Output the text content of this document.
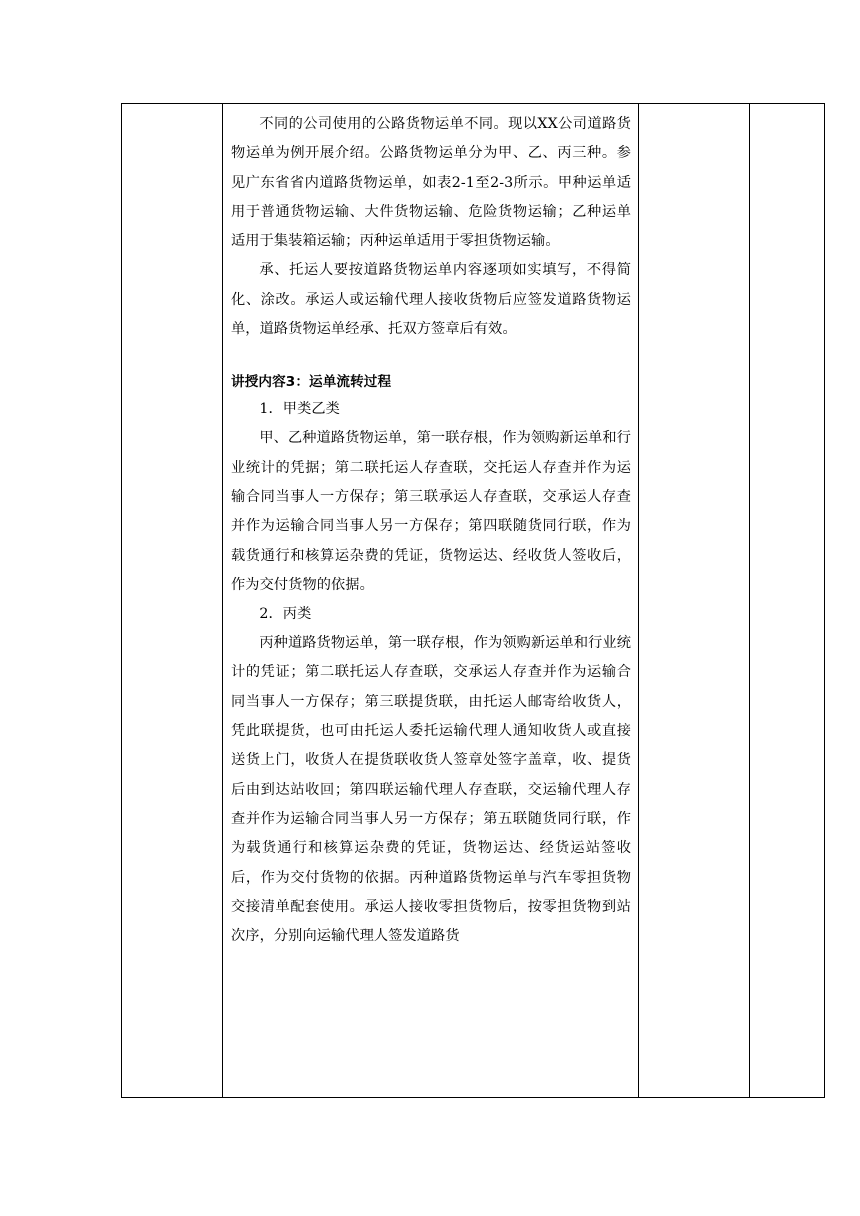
不同的公司使用的公路货物运单不同。现以XX公司道路货物运单为例开展介绍。公路货物运单分为甲、乙、丙三种。参见广东省省内道路货物运单，如表2-1至2-3所示。甲种运单适用于普通货物运输、大件货物运输、危险货物运输；乙种运单适用于集装箱运输；丙种运单适用于零担货物运输。

承、托运人要按道路货物运单内容逐项如实填写，不得简化、涂改。承运人或运输代理人接收货物后应签发道路货物运单，道路货物运单经承、托双方签章后有效。

讲授内容3：运单流转过程
1．甲类乙类

甲、乙种道路货物运单，第一联存根，作为领购新运单和行业统计的凭据；第二联托运人存查联，交托运人存查并作为运输合同当事人一方保存；第三联承运人存查联，交承运人存查并作为运输合同当事人另一方保存；第四联随货同行联，作为载货通行和核算运杂费的凭证，货物运达、经收货人签收后，作为交付货物的依据。

2．丙类

丙种道路货物运单，第一联存根，作为领购新运单和行业统计的凭证；第二联托运人存查联，交承运人存查并作为运输合同当事人一方保存；第三联提货联，由托运人邮寄给收货人，凭此联提货，也可由托运人委托运输代理人通知收货人或直接送货上门，收货人在提货联收货人签章处签字盖章，收、提货后由到达站收回；第四联运输代理人存查联，交运输代理人存查并作为运输合同当事人另一方保存；第五联随货同行联，作为载货通行和核算运杂费的凭证，货物运达、经货运站签收后，作为交付货物的依据。丙种道路货物运单与汽车零担货物交接清单配套使用。承运人接收零担货物后，按零担货物到站次序，分别向运输代理人签发道路货
